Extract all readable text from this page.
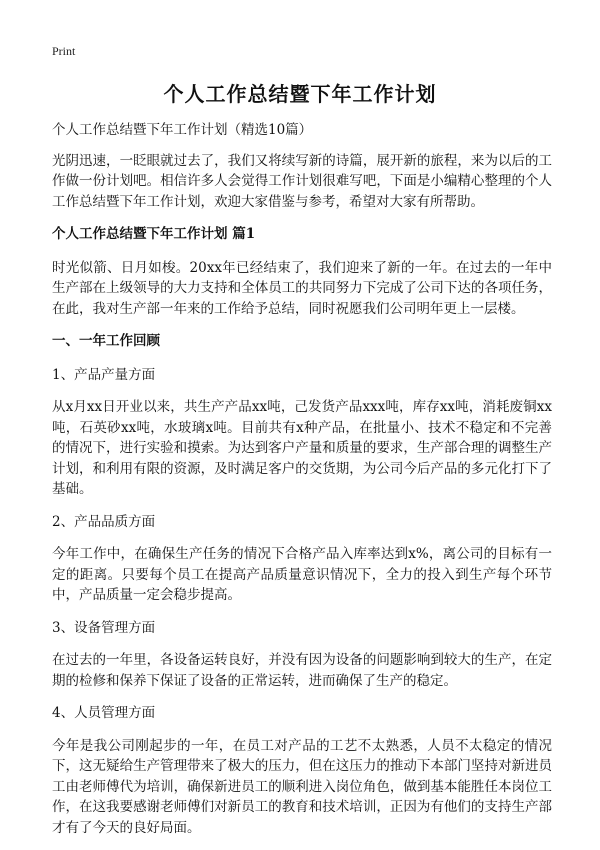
Print
个人工作总结暨下年工作计划

个人工作总结暨下年工作计划（精选10篇）

光阴迅速，一眨眼就过去了，我们又将续写新的诗篇，展开新的旅程，来为以后的工作做一份计划吧。相信许多人会觉得工作计划很难写吧，下面是小编精心整理的个人工作总结暨下年工作计划，欢迎大家借鉴与参考，希望对大家有所帮助。

个人工作总结暨下年工作计划 篇1

时光似箭、日月如梭。20xx年已经结束了，我们迎来了新的一年。在过去的一年中生产部在上级领导的大力支持和全体员工的共同努力下完成了公司下达的各项任务，在此，我对生产部一年来的工作给予总结，同时祝愿我们公司明年更上一层楼。

一、一年工作回顾

1、产品产量方面

从x月xx日开业以来，共生产产品xx吨，己发货产品xxx吨，库存xx吨，消耗废铜xx吨，石英砂xx吨，水玻璃x吨。目前共有x种产品，在批量小、技术不稳定和不完善的情况下，进行实验和摸索。为达到客户产量和质量的要求，生产部合理的调整生产计划，和利用有限的资源，及时满足客户的交货期，为公司今后产品的多元化打下了基础。

2、产品品质方面

今年工作中，在确保生产任务的情况下合格产品入库率达到x%，离公司的目标有一定的距离。只要每个员工在提高产品质量意识情况下，全力的投入到生产每个环节中，产品质量一定会稳步提高。

3、设备管理方面

在过去的一年里，各设备运转良好，并没有因为设备的问题影响到较大的生产，在定期的检修和保养下保证了设备的正常运转，进而确保了生产的稳定。

4、人员管理方面

今年是我公司刚起步的一年，在员工对产品的工艺不太熟悉，人员不太稳定的情况下，这无疑给生产管理带来了极大的压力，但在这压力的推动下本部门坚持对新进员工由老师傅代为培训，确保新进员工的顺利进入岗位角色，做到基本能胜任本岗位工作，在这我要感谢老师傅们对新员工的教育和技术培训，正因为有他们的支持生产部才有了今天的良好局面。
